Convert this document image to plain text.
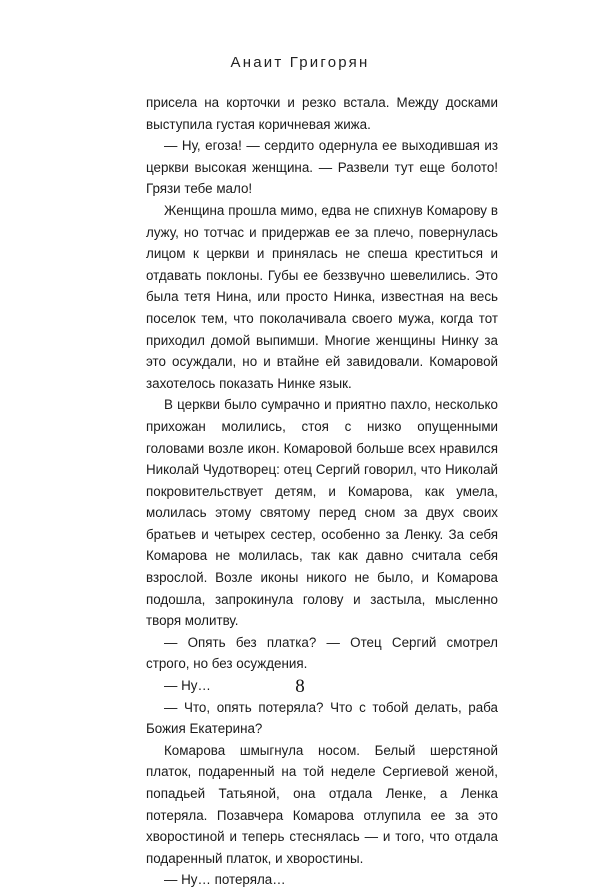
Анаит Григорян

присела на корточки и резко встала. Между досками выступила густая коричневая жижа.

— Ну, егоза! — сердито одернула ее выходившая из церкви высокая женщина. — Развели тут еще болото! Грязи тебе мало!

Женщина прошла мимо, едва не спихнув Комарову в лужу, но тотчас и придержав ее за плечо, повернулась лицом к церкви и принялась не спеша креститься и отдавать поклоны. Губы ее беззвучно шевелились. Это была тетя Нина, или просто Нинка, известная на весь поселок тем, что поколачивала своего мужа, когда тот приходил домой выпимши. Многие женщины Нинку за это осуждали, но и втайне ей завидовали. Комаровой захотелось показать Нинке язык.

В церкви было сумрачно и приятно пахло, несколько прихожан молились, стоя с низко опущенными головами возле икон. Комаровой больше всех нравился Николай Чудотворец: отец Сергий говорил, что Николай покровительствует детям, и Комарова, как умела, молилась этому святому перед сном за двух своих братьев и четырех сестер, особенно за Ленку. За себя Комарова не молилась, так как давно считала себя взрослой. Возле иконы никого не было, и Комарова подошла, запрокинула голову и застыла, мысленно творя молитву.

— Опять без платка? — Отец Сергий смотрел строго, но без осуждения.

— Ну…

— Что, опять потеряла? Что с тобой делать, раба Божия Екатерина?

Комарова шмыгнула носом. Белый шерстяной платок, подаренный на той неделе Сергиевой женой, попадьей Татьяной, она отдала Ленке, а Ленка потеряла. Позавчера Комарова отлупила ее за это хворостиной и теперь стеснялась — и того, что отдала подаренный платок, и хворостины.

— Ну… потеряла…

8
